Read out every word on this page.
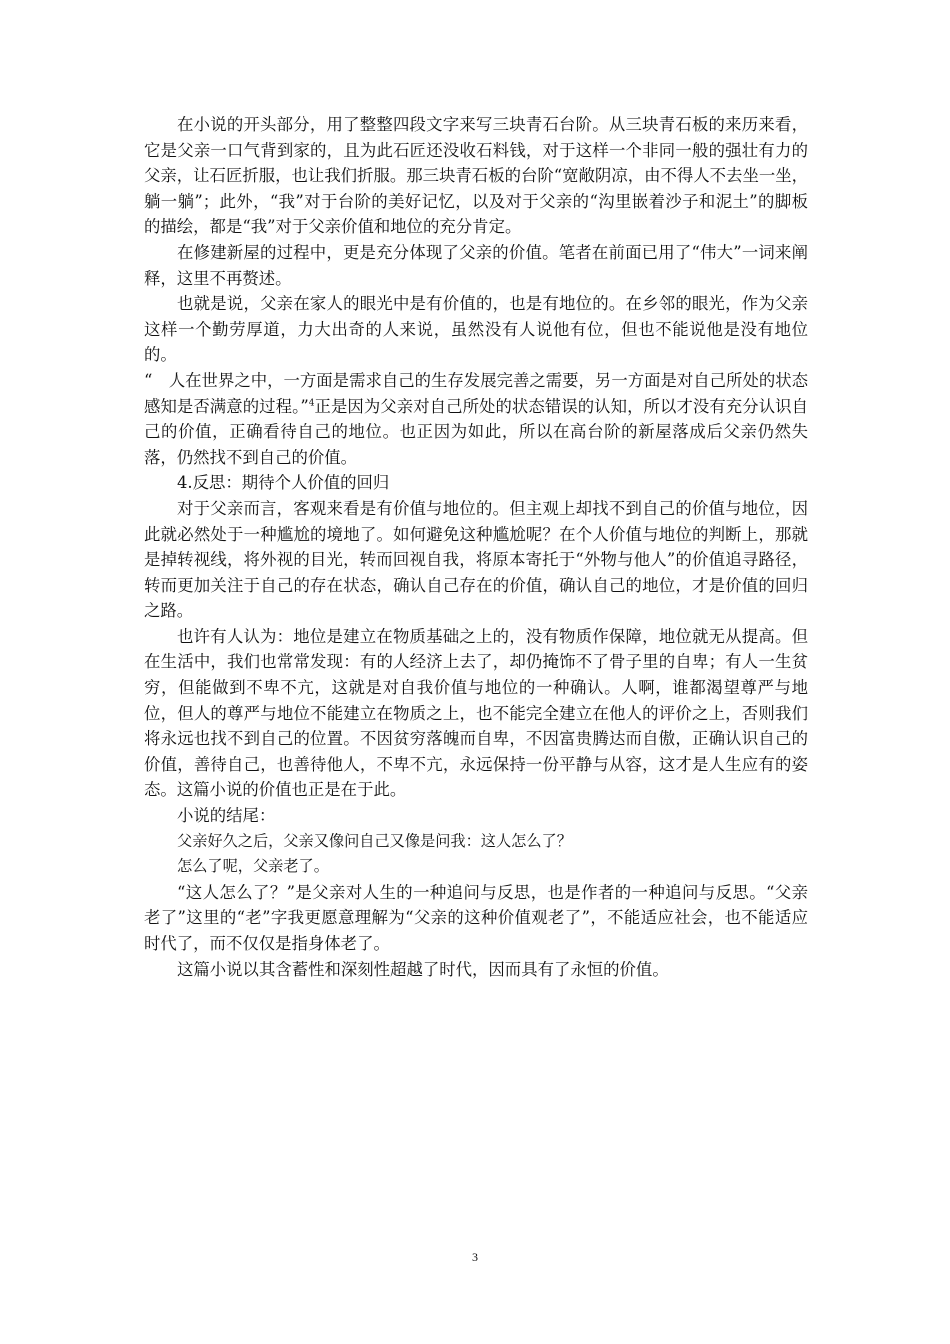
在小说的开头部分，用了整整四段文字来写三块青石台阶。从三块青石板的来历来看，它是父亲一口气背到家的，且为此石匠还没收石料钱，对于这样一个非同一般的强壮有力的父亲，让石匠折服，也让我们折服。那三块青石板的台阶“宽敞阴凉，由不得人不去坐一坐，躺一躺”；此外，“我”对于台阶的美好记忆，以及对于父亲的“沟里嵌着沙子和泥土”的脚板的描绘，都是“我”对于父亲价值和地位的充分肯定。

在修建新屋的过程中，更是充分体现了父亲的价值。笔者在前面已用了“伟大”一词来阐释，这里不再赘述。

也就是说，父亲在家人的眼光中是有价值的，也是有地位的。在乡邻的眼光，作为父亲这样一个勤劳厚道，力大出奇的人来说，虽然没有人说他有位，但也不能说他是没有地位的。

“　人在世界之中，一方面是需求自己的生存发展完善之需要，另一方面是对自己所处的状态感知是否满意的过程。”$^4$正是因为父亲对自己所处的状态错误的认知，所以才没有充分认识自己的价值，正确看待自己的地位。也正因为如此，所以在高台阶的新屋落成后父亲仍然失落，仍然找不到自己的价值。

4.反思：期待个人价值的回归

对于父亲而言，客观来看是有价值与地位的。但主观上却找不到自己的价值与地位，因此就必然处于一种尴尬的境地了。如何避免这种尴尬呢？在个人价值与地位的判断上，那就是掉转视线，将外视的目光，转而回视自我，将原本寄托于“外物与他人”的价值追寻路径，转而更加关注于自己的存在状态，确认自己存在的价值，确认自己的地位，才是价值的回归之路。

也许有人认为：地位是建立在物质基础之上的，没有物质作保障，地位就无从提高。但在生活中，我们也常常发现：有的人经济上去了，却仍掩饰不了骨子里的自卑；有人一生贫穷，但能做到不卑不亢，这就是对自我价值与地位的一种确认。人啊，谁都渴望尊严与地位，但人的尊严与地位不能建立在物质之上，也不能完全建立在他人的评价之上，否则我们将永远也找不到自己的位置。不因贫穷落魄而自卑，不因富贵腾达而自傲，正确认识自己的价值，善待自己，也善待他人，不卑不亢，永远保持一份平静与从容，这才是人生应有的姿态。这篇小说的价值也正是在于此。

小说的结尾：

父亲好久之后，父亲又像问自己又像是问我：这人怎么了？

怎么了呢，父亲老了。

“这人怎么了？”是父亲对人生的一种追问与反思，也是作者的一种追问与反思。“父亲老了”这里的“老”字我更愿意理解为“父亲的这种价值观老了”，不能适应社会，也不能适应时代了，而不仅仅是指身体老了。

这篇小说以其含蓄性和深刻性超越了时代，因而具有了永恒的价值。

3
